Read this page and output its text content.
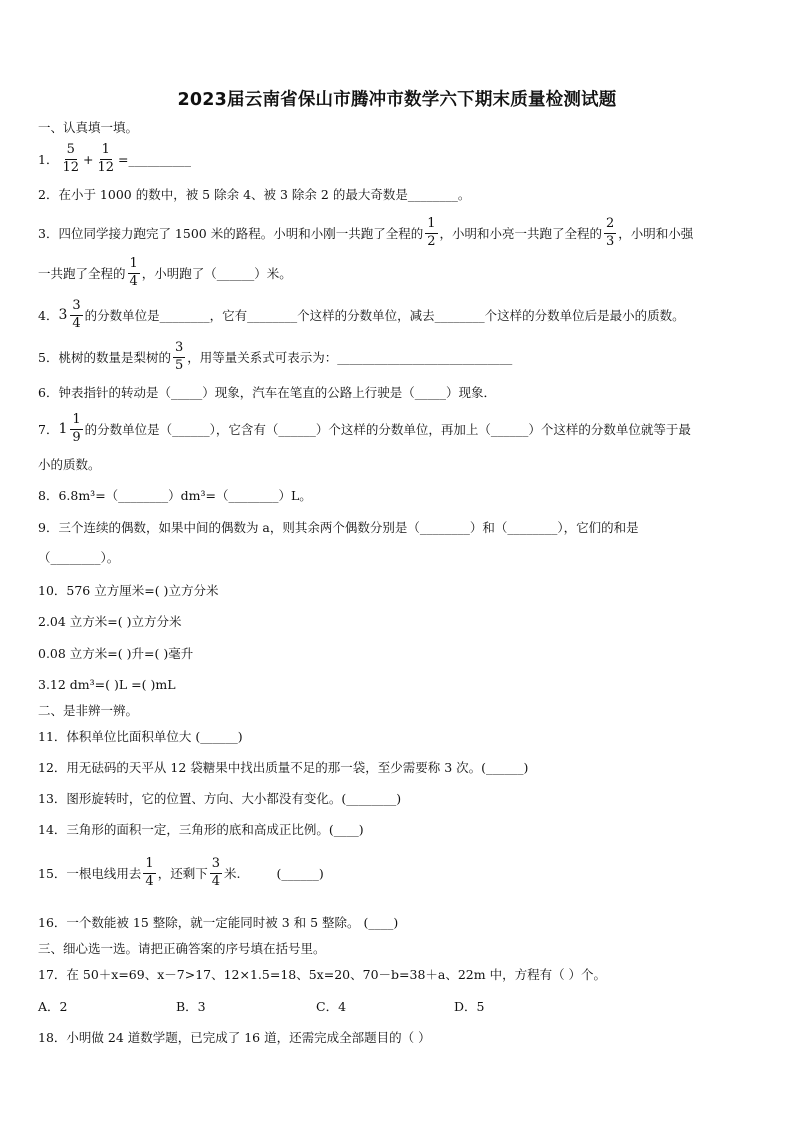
2023届云南省保山市腾冲市数学六下期末质量检测试题
一、认真填一填。
1． $\frac{5}{12} + \frac{1}{12}$ =__________
2．在小于 1000 的数中，被 5 除余 4、被 3 除余 2 的最大奇数是________。
3．四位同学接力跑完了 1500 米的路程。小明和小刚一共跑了全程的 $\frac{1}{2}$ ，小明和小亮一共跑了全程的 $\frac{2}{3}$ ，小明和小强
一共跑了全程的 $\frac{1}{4}$ ，小明跑了（______）米。
4． $3 \frac{3}{4}$ 的分数单位是________，它有________个这样的分数单位，减去________个这样的分数单位后是最小的质数。
5．桃树的数量是梨树的 $\frac{3}{5}$ ，用等量关系式可表示为：____________________________
6．钟表指针的转动是（_____）现象，汽车在笔直的公路上行驶是（_____）现象．
7． $1 \frac{1}{9}$ 的分数单位是（______），它含有（______）个这样的分数单位，再加上（______）个这样的分数单位就等于最
小的质数。
8．6.8m³=（________）dm³=（________）L。
9．三个连续的偶数，如果中间的偶数为 a，则其余两个偶数分别是（________）和（________），它们的和是
（________）。
10．576 立方厘米=( )立方分米
2.04 立方米=( )立方分米
0.08 立方米=( )升=( )毫升
3.12 dm³=( )L =( )mL
二、是非辨一辨。
11．体积单位比面积单位大 (______)
12．用无砝码的天平从 12 袋糖果中找出质量不足的那一袋，至少需要称 3 次。(______)
13．图形旋转时，它的位置、方向、大小都没有变化。(________)
14．三角形的面积一定，三角形的底和高成正比例。(____)
15．一根电线用去 $\frac{1}{4}$ ，还剩下 $\frac{3}{4}$ 米.	(______)
16．一个数能被 15 整除，就一定能同时被 3 和 5 整除。 (____)
三、细心选一选。请把正确答案的序号填在括号里。
17．在 50＋x=69、x－7>17、12×1.5=18、5x=20、70－b=38＋a、22m 中，方程有（ ）个。
A．2	B．3	C．4	D．5
18．小明做 24 道数学题，已完成了 16 道，还需完成全部题目的（ ）
